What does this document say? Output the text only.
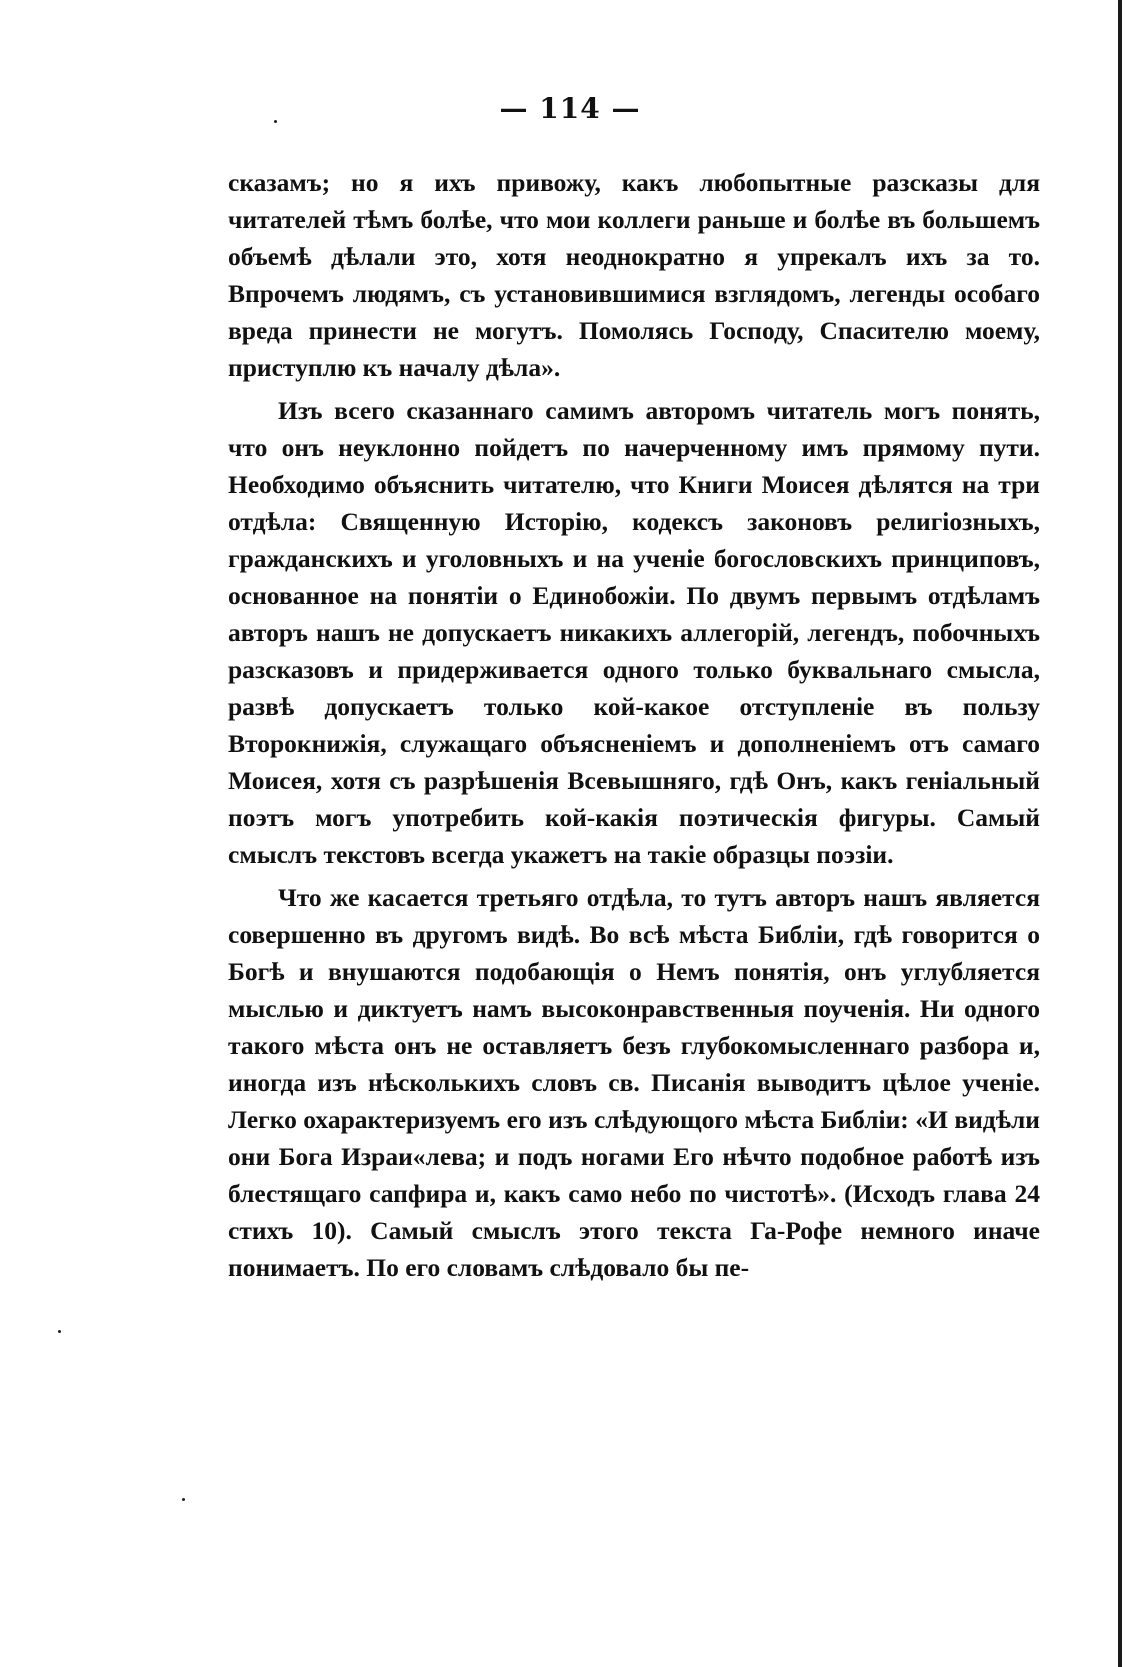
— 114 —

сказамъ; но я ихъ привожу, какъ любопытные разсказы для читателей тѣмъ болѣе, что мои коллеги раньше и болѣе въ большемъ объемѣ дѣлали это, хотя неоднократно я упрекалъ ихъ за то. Впрочемъ людямъ, съ установившимися взглядомъ, легенды особаго вреда принести не могутъ. Помолясь Господу, Спасителю моему, приступлю къ началу дѣла».

Изъ всего сказаннаго самимъ авторомъ читатель могъ понять, что онъ неуклонно пойдетъ по начерченному имъ прямому пути. Необходимо объяснить читателю, что Книги Моисея дѣлятся на три отдѣла: Священную Исторію, кодексъ законовъ религіозныхъ, гражданскихъ и уголовныхъ и на ученіе богословскихъ принциповъ, основанное на понятіи о Единобожіи. По двумъ первымъ отдѣламъ авторъ нашъ не допускаетъ никакихъ аллегорій, легендъ, побочныхъ разсказовъ и придерживается одного только буквальнаго смысла, развѣ допускаетъ только кой-какое отступленіе въ пользу Второкнижія, служащаго объясненіемъ и дополненіемъ отъ самаго Моисея, хотя съ разрѣшенія Всевышняго, гдѣ Онъ, какъ геніальный поэтъ могъ употребить кой-какія поэтическія фигуры. Самый смыслъ текстовъ всегда укажетъ на такіе образцы поэзіи.

Что же касается третьяго отдѣла, то тутъ авторъ нашъ является совершенно въ другомъ видѣ. Во всѣ мѣста Библіи, гдѣ говорится о Богѣ и внушаются подобающія о Немъ понятія, онъ углубляется мыслью и диктуетъ намъ высоконравственныя поученія. Ни одного такого мѣста онъ не оставляетъ безъ глубокомысленнаго разбора и, иногда изъ нѣсколькихъ словъ св. Писанія выводитъ цѣлое ученіе. Легко охарактеризуемъ его изъ слѣдующого мѣста Библіи: «И видѣли они Бога Израи«лева; и подъ ногами Его нѣчто подобное работѣ изъ блестящаго сапфира и, какъ само небо по чистотѣ». (Исходъ глава 24 стихъ 10). Самый смыслъ этого текста Га-Рофе немного иначе понимаетъ. По его словамъ слѣдовало бы пе-
